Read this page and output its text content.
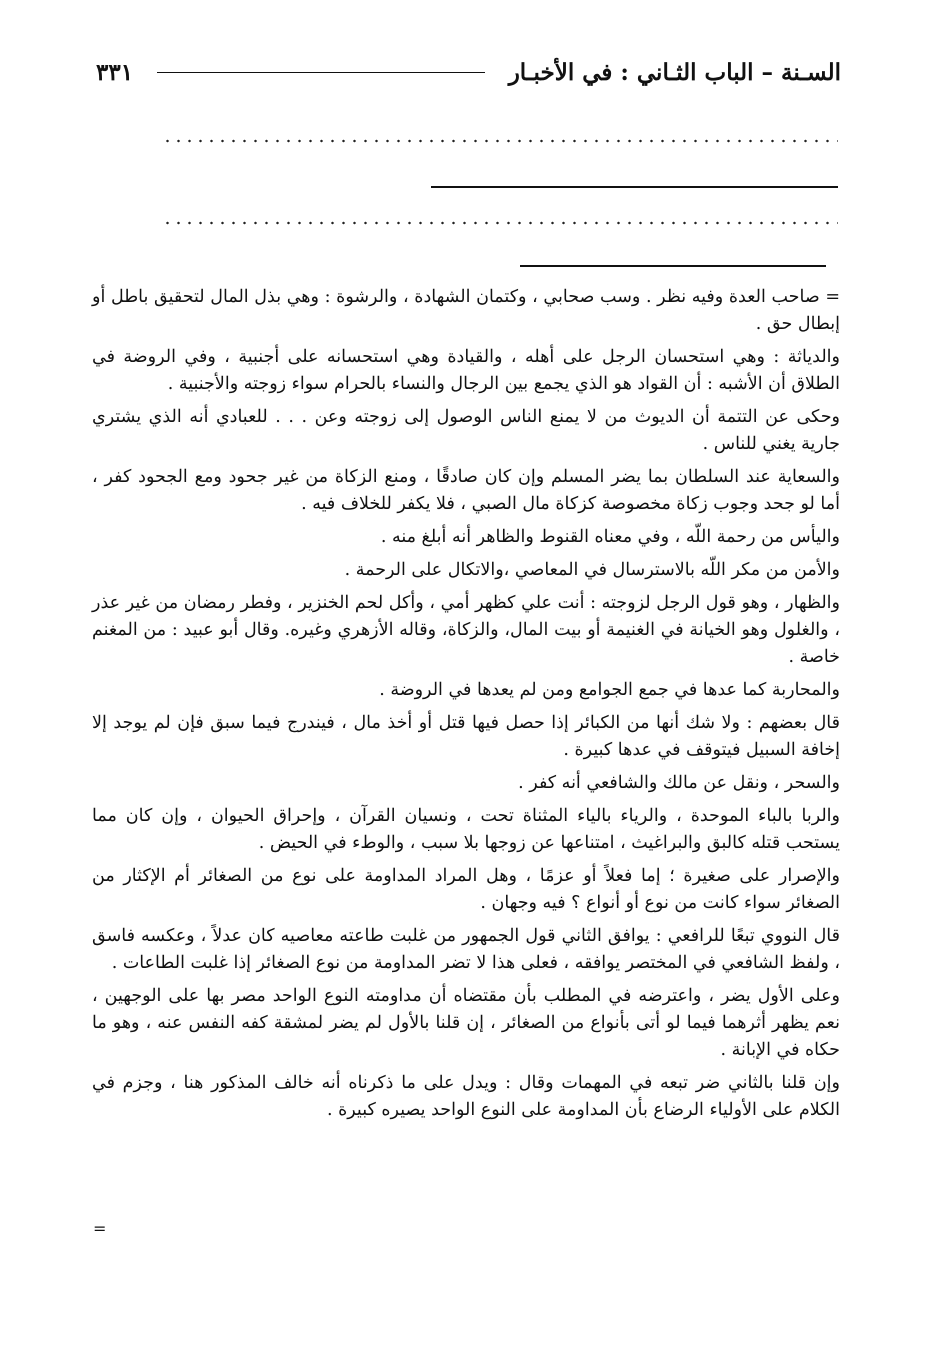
السـنة – الباب الثـاني : في الأخبـار
٣٣١

= صاحب العدة وفيه نظر . وسب صحابي ، وكتمان الشهادة ، والرشوة : وهي بذل المال لتحقيق باطل أو إبطال حق .

والدياثة : وهي استحسان الرجل على أهله ، والقيادة وهي استحسانه على أجنبية ، وفي الروضة في الطلاق أن الأشبه : أن القواد هو الذي يجمع بين الرجال والنساء بالحرام سواء زوجته والأجنبية .

وحكى عن التتمة أن الديوث من لا يمنع الناس الوصول إلى زوجته وعن . . . للعبادي أنه الذي يشتري جارية يغني للناس .

والسعاية عند السلطان بما يضر المسلم وإن كان صادقًا ، ومنع الزكاة من غير جحود ومع الجحود كفر ، أما لو جحد وجوب زكاة مخصوصة كزكاة مال الصبي ، فلا يكفر للخلاف فيه .

واليأس من رحمة اللّه ، وفي معناه القنوط والظاهر أنه أبلغ منه .

والأمن من مكر اللّه بالاسترسال في المعاصي ،والاتكال على الرحمة .

والظهار ، وهو قول الرجل لزوجته : أنت علي كظهر أمي ، وأكل لحم الخنزير ، وفطر رمضان من غير عذر ، والغلول وهو الخيانة في الغنيمة أو بيت المال، والزكاة، وقاله الأزهري وغيره. وقال أبو عبيد : من المغنم خاصة .

والمحاربة كما عدها في جمع الجوامع ومن لم يعدها في الروضة .

قال بعضهم : ولا شك أنها من الكبائر إذا حصل فيها قتل أو أخذ مال ، فيندرج فيما سبق فإن لم يوجد إلا إخافة السبيل فيتوقف في عدها كبيرة .

والسحر ، ونقل عن مالك والشافعي أنه كفر .

والربا بالباء الموحدة ، والرياء بالياء المثناة تحت ، ونسيان القرآن ، وإحراق الحيوان ، وإن كان مما يستحب قتله كالبق والبراغيث ، امتناعها عن زوجها بلا سبب ، والوطء في الحيض .

والإصرار على صغيرة ؛ إما فعلاً أو عزمًا ، وهل المراد المداومة على نوع من الصغائر أم الإكثار من الصغائر سواء كانت من نوع أو أنواع ؟ فيه وجهان .

قال النووي تبعًا للرافعي : يوافق الثاني قول الجمهور من غلبت طاعته معاصيه كان عدلاً ، وعكسه فاسق ، ولفظ الشافعي في المختصر يوافقه ، فعلى هذا لا تضر المداومة من نوع الصغائر إذا غلبت الطاعات .

وعلى الأول يضر ، واعترضه في المطلب بأن مقتضاه أن مداومته النوع الواحد مصر بها على الوجهين ، نعم يظهر أثرهما فيما لو أتى بأنواع من الصغائر ، إن قلنا بالأول لم يضر لمشقة كفه النفس عنه ، وهو ما حكاه في الإبانة .

وإن قلنا بالثاني ضر تبعه في المهمات وقال : ويدل على ما ذكرناه أنه خالف المذكور هنا ، وجزم في الكلام على الأولياء الرضاع بأن المداومة على النوع الواحد يصيره كبيرة .

=
